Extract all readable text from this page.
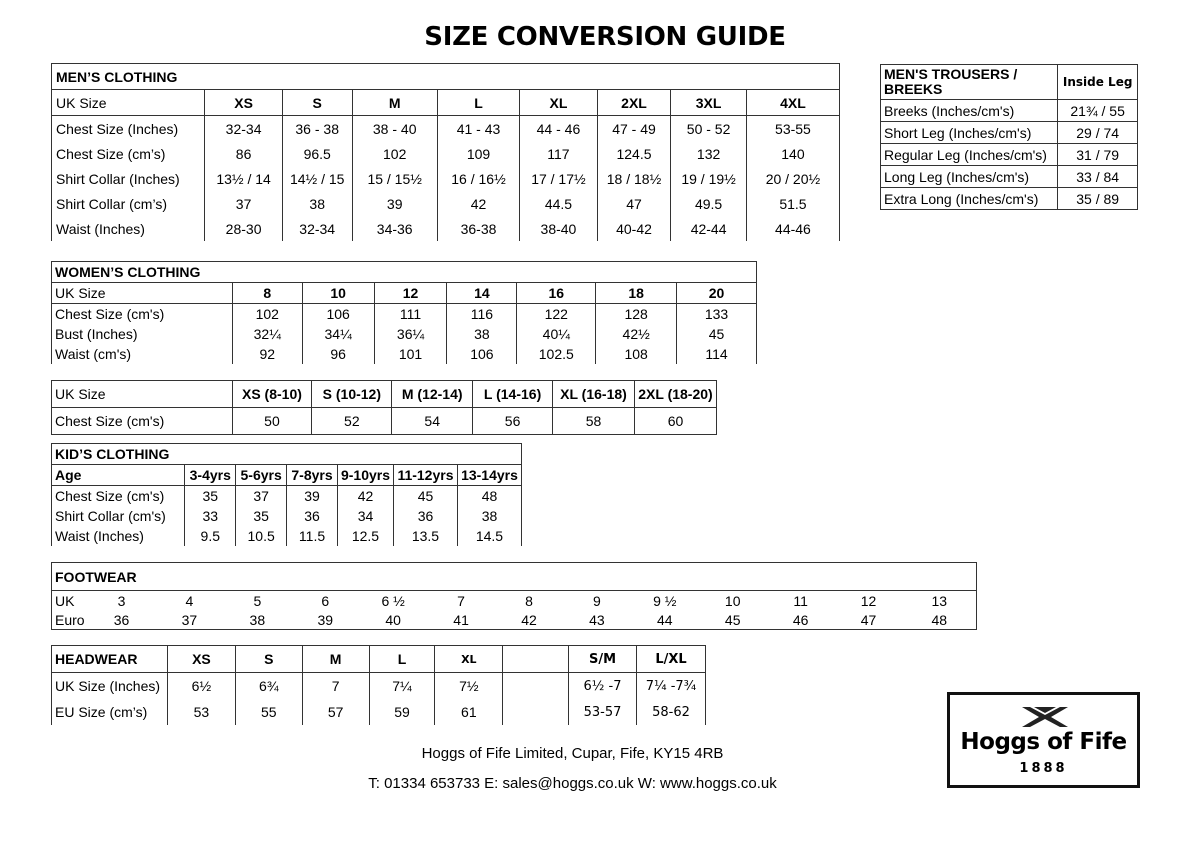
SIZE CONVERSION GUIDE
MEN’S CLOTHING								
UK Size	XS	S	M	L	XL	2XL	3XL	4XL
Chest Size (Inches)	32-34	36 - 38	38 - 40	41 - 43	44 - 46	47 - 49	50 - 52	53-55
Chest Size (cm’s)	86	96.5	102	109	117	124.5	132	140
Shirt Collar (Inches)	13½ / 14	14½ / 15	15 / 15½	16 / 16½	17 / 17½	18 / 18½	19 / 19½	20 / 20½
Shirt Collar (cm’s)	37	38	39	42	44.5	47	49.5	51.5
Waist (Inches)	28-30	32-34	34-36	36-38	38-40	40-42	42-44	44-46
MEN'S TROUSERS / BREEKS	Inside Leg
Breeks (Inches/cm's)	21¾ / 55
Short Leg (Inches/cm's)	29 / 74
Regular Leg (Inches/cm's)	31 / 79
Long Leg (Inches/cm's)	33 / 84
Extra Long (Inches/cm's)	35 / 89
WOMEN’S CLOTHING							
UK Size	8	10	12	14	16	18	20
Chest Size (cm's)	102	106	111	116	122	128	133
Bust (Inches)	32¼	34¼	36¼	38	40¼	42½	45
Waist (cm's)	92	96	101	106	102.5	108	114
UK Size	XS (8-10)	S (10-12)	M (12-14)	L (14-16)	XL (16-18)	2XL (18-20)
Chest Size (cm's)	50	52	54	56	58	60
KID’S CLOTHING						
Age	3-4yrs	5-6yrs	7-8yrs	9-10yrs	11-12yrs	13-14yrs
Chest Size (cm's)	35	37	39	42	45	48
Shirt Collar (cm's)	33	35	36	34	36	38
Waist (Inches)	9.5	10.5	11.5	12.5	13.5	14.5
FOOTWEAR													
UK	3	4	5	6	6 ½	7	8	9	9 ½	10	11	12	13
Euro	36	37	38	39	40	41	42	43	44	45	46	47	48
HEADWEAR	XS	S	M	L	XL		S/M	L/XL
UK Size (Inches)	6½	6¾	7	7¼	7½		6½ -7	7¼ -7¾
EU Size (cm’s)	53	55	57	59	61		53-57	58-62
Hoggs of Fife Limited, Cupar, Fife, KY15 4RB
T: 01334 653733 E: sales@hoggs.co.uk W: www.hoggs.co.uk
Hoggs of Fife
1888
